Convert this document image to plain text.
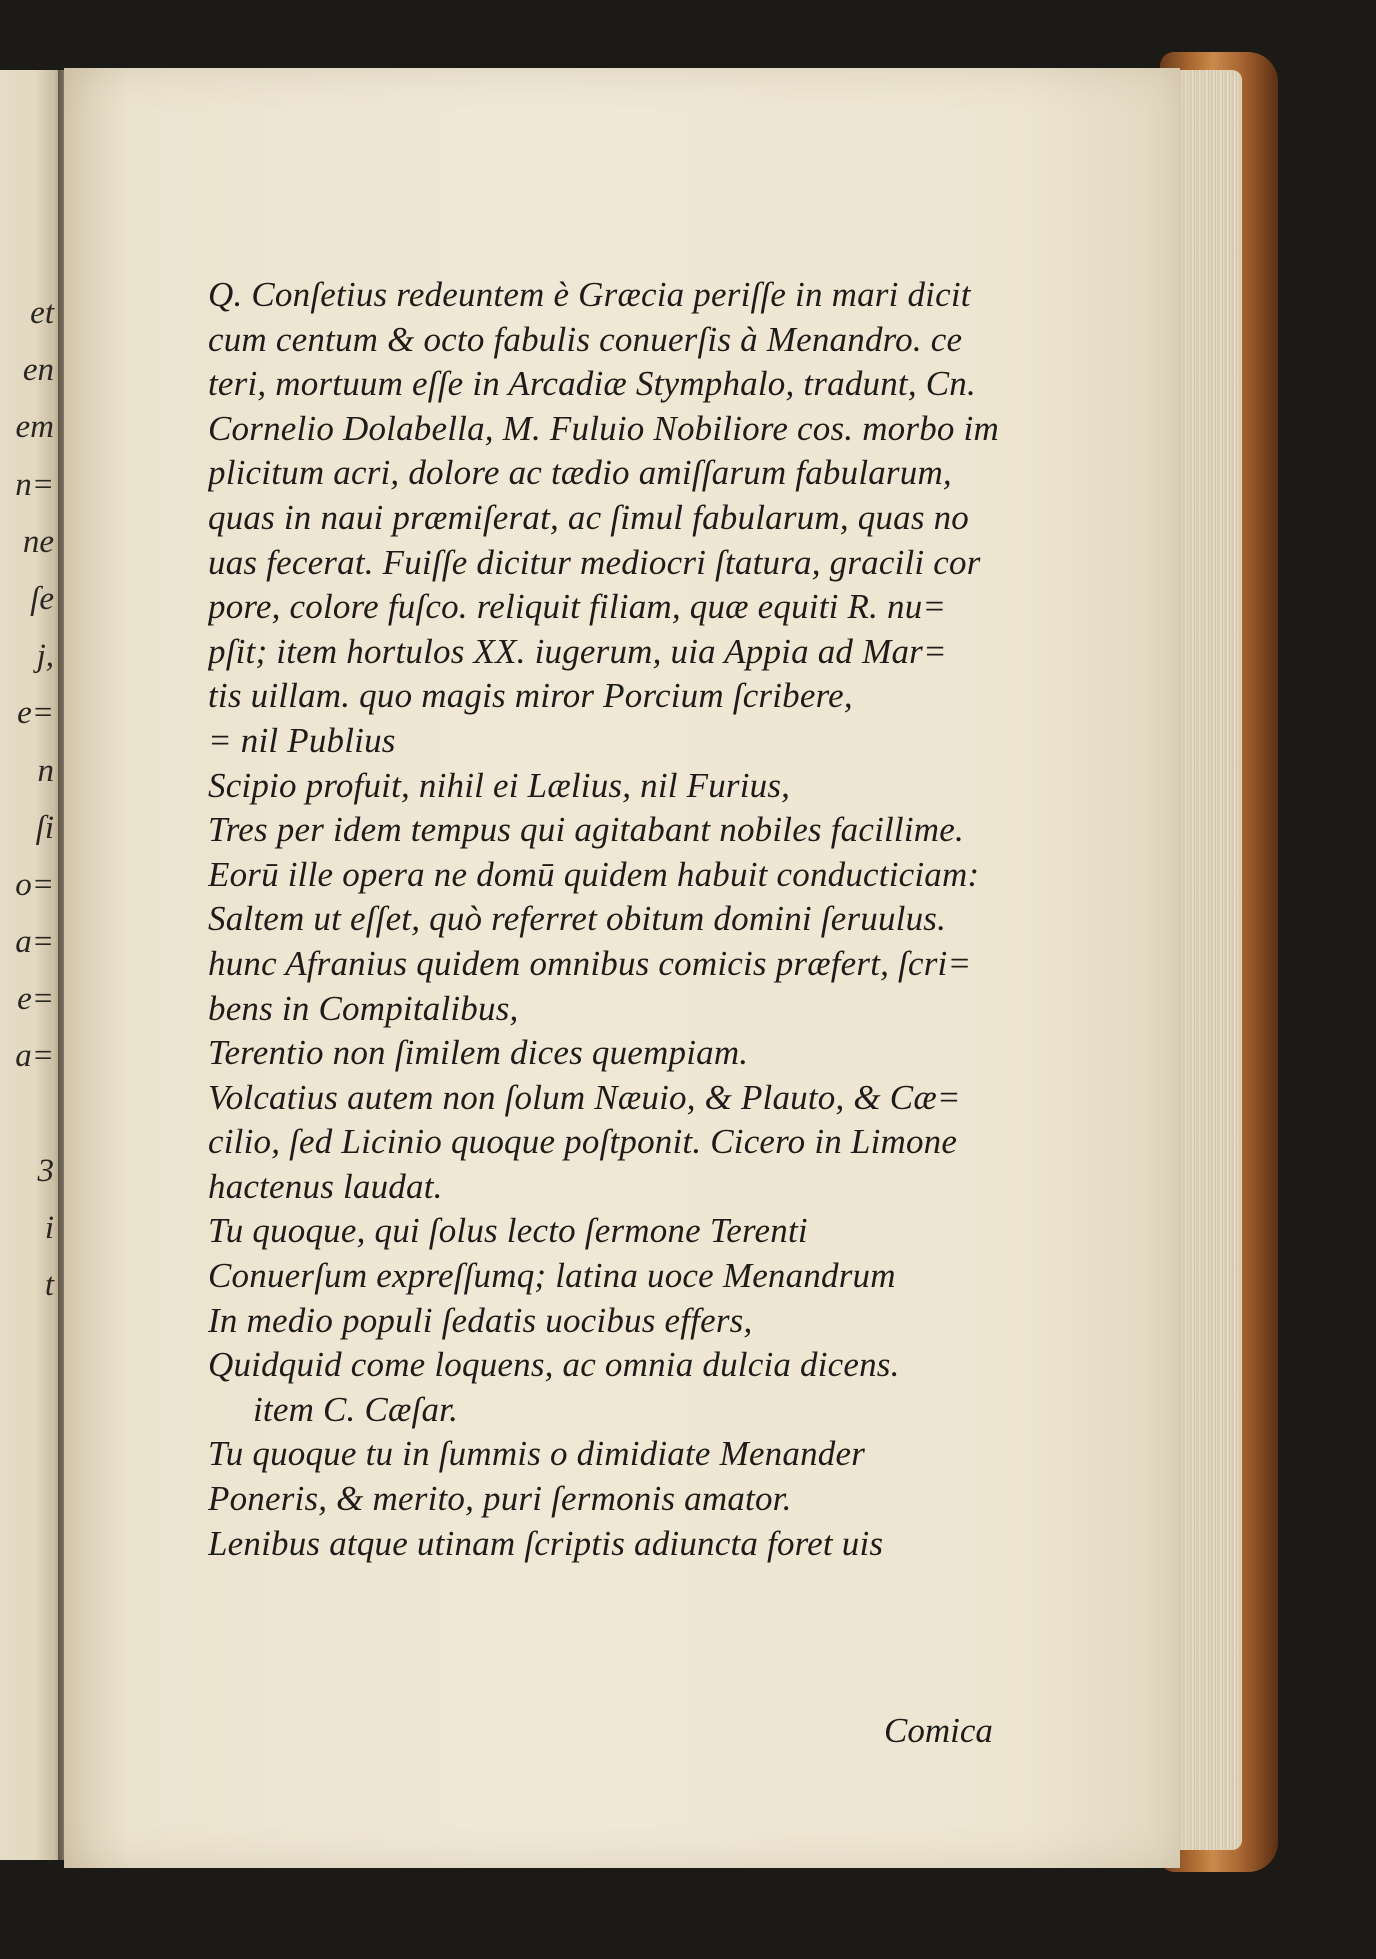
et
en
em
n=
ne
ſe
j,
e=
n
ſi
o=
a=
e=
a=
3
i
t
Q. Conſetius redeuntem è Græcia periſſe in mari dicit
cum centum & octo fabulis conuerſis à Menandro. ce
teri, mortuum eſſe in Arcadiæ Stymphalo, tradunt, Cn.
Cornelio Dolabella, M. Fuluio Nobiliore cos. morbo im
plicitum acri, dolore ac tædio amiſſarum fabularum,
quas in naui præmiſerat, ac ſimul fabularum, quas no
uas fecerat. Fuiſſe dicitur mediocri ſtatura, gracili cor
pore, colore fuſco. reliquit filiam, quæ equiti R. nu=
pſit; item hortulos XX. iugerum, uia Appia ad Mar=
tis uillam. quo magis miror Porcium ſcribere,
= nil Publius
Scipio profuit, nihil ei Lælius, nil Furius,
Tres per idem tempus qui agitabant nobiles facillime.
Eorū ille opera ne domū quidem habuit conducticiam:
Saltem ut eſſet, quò referret obitum domini ſeruulus.
hunc Afranius quidem omnibus comicis præfert, ſcri=
bens in Compitalibus,
Terentio non ſimilem dices quempiam.
Volcatius autem non ſolum Næuio, & Plauto, & Cæ=
cilio, ſed Licinio quoque poſtponit. Cicero in Limone
hactenus laudat.
Tu quoque, qui ſolus lecto ſermone Terenti
Conuerſum expreſſumq; latina uoce Menandrum
In medio populi ſedatis uocibus effers,
Quidquid come loquens, ac omnia dulcia dicens.
item C. Cæſar.
Tu quoque tu in ſummis o dimidiate Menander
Poneris, & merito, puri ſermonis amator.
Lenibus atque utinam ſcriptis adiuncta foret uis
Comica
